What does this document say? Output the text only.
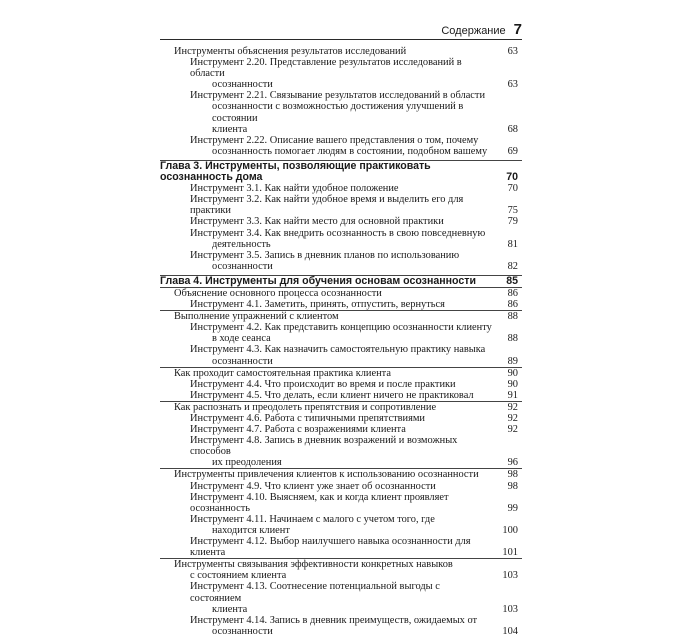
Содержание 7
Инструменты объяснения результатов исследований	63
Инструмент 2.20. Представление результатов исследований в области
осознанности	63
Инструмент 2.21. Связывание результатов исследований в области
осознанности с возможностью достижения улучшений в состоянии
клиента	68
Инструмент 2.22. Описание вашего представления о том, почему
осознанность помогает людям в состоянии, подобном вашему	69
Глава 3. Инструменты, позволяющие практиковать осознанность дома	70
Инструмент 3.1. Как найти удобное положение	70
Инструмент 3.2. Как найти удобное время и выделить его для практики	75
Инструмент 3.3. Как найти место для основной практики	79
Инструмент 3.4. Как внедрить осознанность в свою повседневную
деятельность	81
Инструмент 3.5. Запись в дневник планов по использованию
осознанности	82
Глава 4. Инструменты для обучения основам осознанности	85
Объяснение основного процесса осознанности	86
Инструмент 4.1. Заметить, принять, отпустить, вернуться	86
Выполнение упражнений с клиентом	88
Инструмент 4.2. Как представить концепцию осознанности клиенту
в ходе сеанса	88
Инструмент 4.3. Как назначить самостоятельную практику навыка
осознанности	89
Как проходит самостоятельная практика клиента	90
Инструмент 4.4. Что происходит во время и после практики	90
Инструмент 4.5. Что делать, если клиент ничего не практиковал	91
Как распознать и преодолеть препятствия и сопротивление	92
Инструмент 4.6. Работа с типичными препятствиями	92
Инструмент 4.7. Работа с возражениями клиента	92
Инструмент 4.8. Запись в дневник возражений и возможных способов
их преодоления	96
Инструменты привлечения клиентов к использованию осознанности	98
Инструмент 4.9. Что клиент уже знает об осознанности	98
Инструмент 4.10. Выясняем, как и когда клиент проявляет осознанность	99
Инструмент 4.11. Начинаем с малого с учетом того, где
находится клиент	100
Инструмент 4.12. Выбор наилучшего навыка осознанности для клиента	101
Инструменты связывания эффективности конкретных навыков
с состоянием клиента	103
Инструмент 4.13. Соотнесение потенциальной выгоды с состоянием
клиента	103
Инструмент 4.14. Запись в дневник преимуществ, ожидаемых от
осознанности	104
